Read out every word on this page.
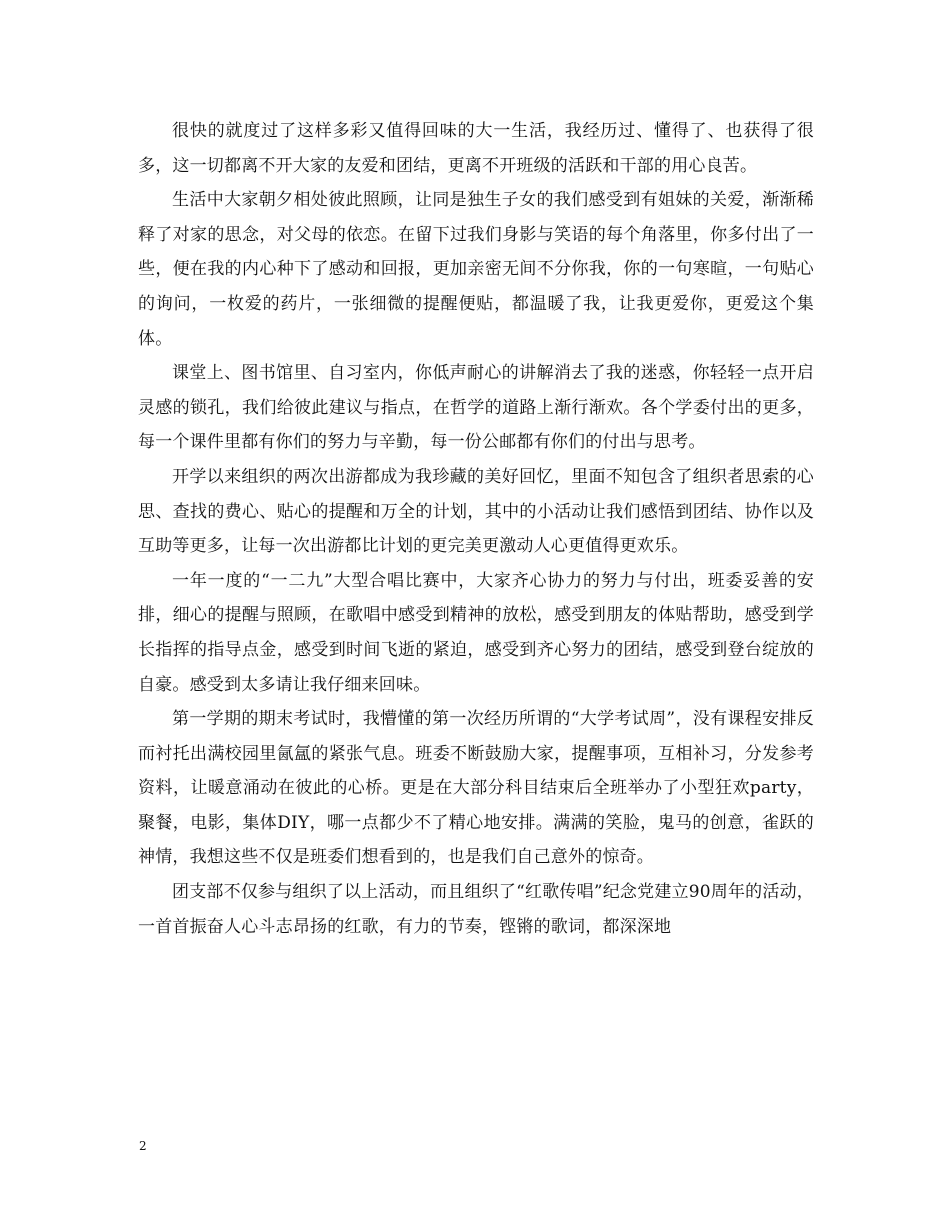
很快的就度过了这样多彩又值得回味的大一生活，我经历过、懂得了、也获得了很多，这一切都离不开大家的友爱和团结，更离不开班级的活跃和干部的用心良苦。

生活中大家朝夕相处彼此照顾，让同是独生子女的我们感受到有姐妹的关爱，渐渐稀释了对家的思念，对父母的依恋。在留下过我们身影与笑语的每个角落里，你多付出了一些，便在我的内心种下了感动和回报，更加亲密无间不分你我，你的一句寒暄，一句贴心的询问，一枚爱的药片，一张细微的提醒便贴，都温暖了我，让我更爱你，更爱这个集体。

课堂上、图书馆里、自习室内，你低声耐心的讲解消去了我的迷惑，你轻轻一点开启灵感的锁孔，我们给彼此建议与指点，在哲学的道路上渐行渐欢。各个学委付出的更多，每一个课件里都有你们的努力与辛勤，每一份公邮都有你们的付出与思考。

开学以来组织的两次出游都成为我珍藏的美好回忆，里面不知包含了组织者思索的心思、查找的费心、贴心的提醒和万全的计划，其中的小活动让我们感悟到团结、协作以及互助等更多，让每一次出游都比计划的更完美更激动人心更值得更欢乐。

一年一度的“一二九”大型合唱比赛中，大家齐心协力的努力与付出，班委妥善的安排，细心的提醒与照顾，在歌唱中感受到精神的放松，感受到朋友的体贴帮助，感受到学长指挥的指导点金，感受到时间飞逝的紧迫，感受到齐心努力的团结，感受到登台绽放的自豪。感受到太多请让我仔细来回味。

第一学期的期末考试时，我懵懂的第一次经历所谓的“大学考试周”，没有课程安排反而衬托出满校园里氤氲的紧张气息。班委不断鼓励大家，提醒事项，互相补习，分发参考资料，让暖意涌动在彼此的心桥。更是在大部分科目结束后全班举办了小型狂欢party，聚餐，电影，集体DIY，哪一点都少不了精心地安排。满满的笑脸，鬼马的创意，雀跃的神情，我想这些不仅是班委们想看到的，也是我们自己意外的惊奇。

团支部不仅参与组织了以上活动，而且组织了“红歌传唱”纪念党建立90周年的活动，一首首振奋人心斗志昂扬的红歌，有力的节奏，铿锵的歌词，都深深地

2
